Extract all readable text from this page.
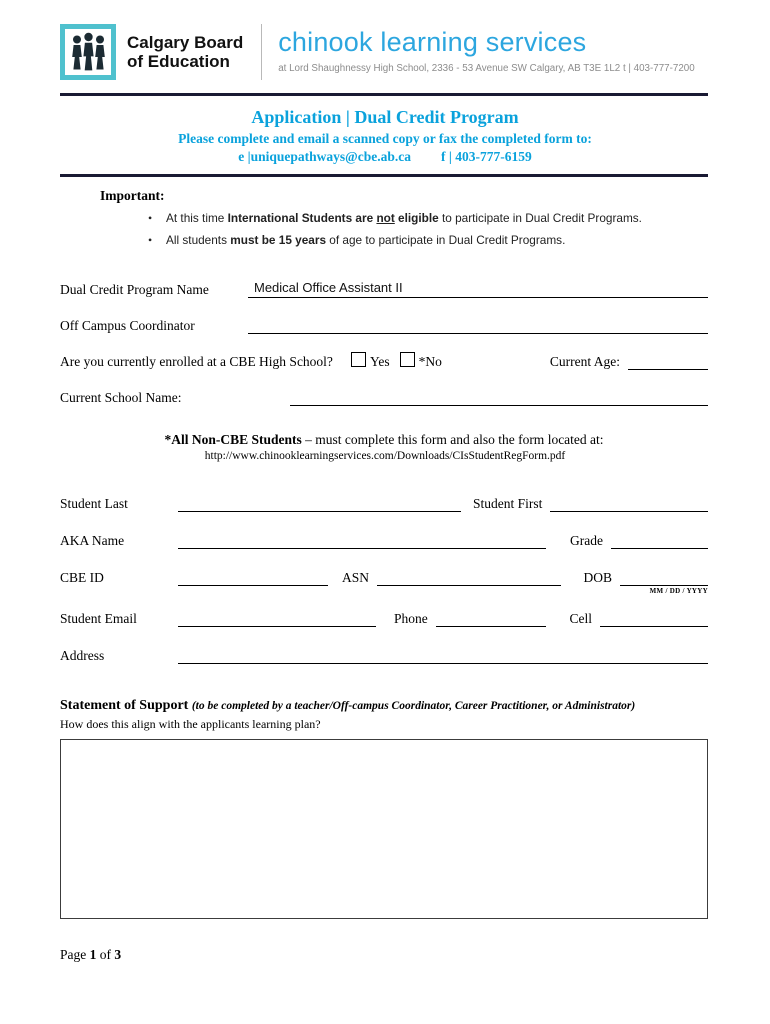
Calgary Board
of Education
chinook learning services
at Lord Shaughnessy High School, 2336 - 53 Avenue SW Calgary, AB T3E 1L2 t | 403-777-7200
Application | Dual Credit Program
Please complete and email a scanned copy or fax the completed form to:
e |uniquepathways@cbe.ab.ca f | 403-777-6159
Important:
•	At this time International Students are not eligible to participate in Dual Credit Programs.
•	All students must be 15 years of age to participate in Dual Credit Programs.
Dual Credit Program Name	Medical Office Assistant II
Off Campus Coordinator
Are you currently enrolled at a CBE High School?	Yes *No	Current Age:
Current School Name:
*All Non-CBE Students – must complete this form and also the form located at:
http://www.chinooklearningservices.com/Downloads/CIsStudentRegForm.pdf
Student Last	Student First
AKA Name	Grade
CBE ID	ASN	DOB
MM / DD / YYYY
Student Email	Phone	Cell
Address
Statement of Support (to be completed by a teacher/Off-campus Coordinator, Career Practitioner, or Administrator)
How does this align with the applicants learning plan?
Page 1 of 3
